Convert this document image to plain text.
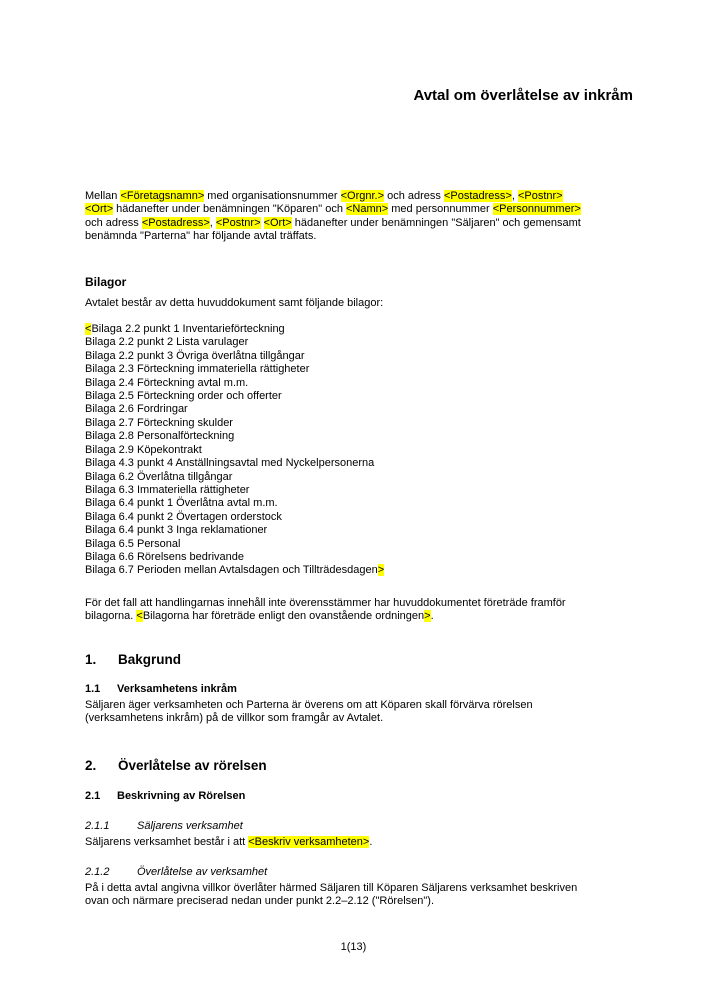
Avtal om överlåtelse av inkråm
Mellan <Företagsnamn> med organisationsnummer <Orgnr.> och adress <Postadress>, <Postnr>
<Ort> hädanefter under benämningen "Köparen" och <Namn> med personnummer <Personnummer>
och adress <Postadress>, <Postnr> <Ort> hädanefter under benämningen "Säljaren" och gemensamt
benämnda "Parterna" har följande avtal träffats.
Bilagor
Avtalet består av detta huvuddokument samt följande bilagor:
<Bilaga 2.2 punkt 1 Inventarieförteckning
Bilaga 2.2 punkt 2 Lista varulager
Bilaga 2.2 punkt 3 Övriga överlåtna tillgångar
Bilaga 2.3 Förteckning immateriella rättigheter
Bilaga 2.4 Förteckning avtal m.m.
Bilaga 2.5 Förteckning order och offerter
Bilaga 2.6 Fordringar
Bilaga 2.7 Förteckning skulder
Bilaga 2.8 Personalförteckning
Bilaga 2.9 Köpekontrakt
Bilaga 4.3 punkt 4 Anställningsavtal med Nyckelpersonerna
Bilaga 6.2 Överlåtna tillgångar
Bilaga 6.3 Immateriella rättigheter
Bilaga 6.4 punkt 1 Överlåtna avtal m.m.
Bilaga 6.4 punkt 2 Övertagen orderstock
Bilaga 6.4 punkt 3 Inga reklamationer
Bilaga 6.5 Personal
Bilaga 6.6 Rörelsens bedrivande
Bilaga 6.7 Perioden mellan Avtalsdagen och Tillträdesdagen>
För det fall att handlingarnas innehåll inte överensstämmer har huvuddokumentet företräde framför
bilagorna. <Bilagorna har företräde enligt den ovanstående ordningen>.
1.	Bakgrund
1.1	Verksamhetens inkråm
Säljaren äger verksamheten och Parterna är överens om att Köparen skall förvärva rörelsen
(verksamhetens inkråm) på de villkor som framgår av Avtalet.
2.	Överlåtelse av rörelsen
2.1	Beskrivning av Rörelsen
2.1.1	Säljarens verksamhet
Säljarens verksamhet består i att <Beskriv verksamheten>.
2.1.2	Överlåtelse av verksamhet
På i detta avtal angivna villkor överlåter härmed Säljaren till Köparen Säljarens verksamhet beskriven
ovan och närmare preciserad nedan under punkt 2.2–2.12 ("Rörelsen").
1(13)
